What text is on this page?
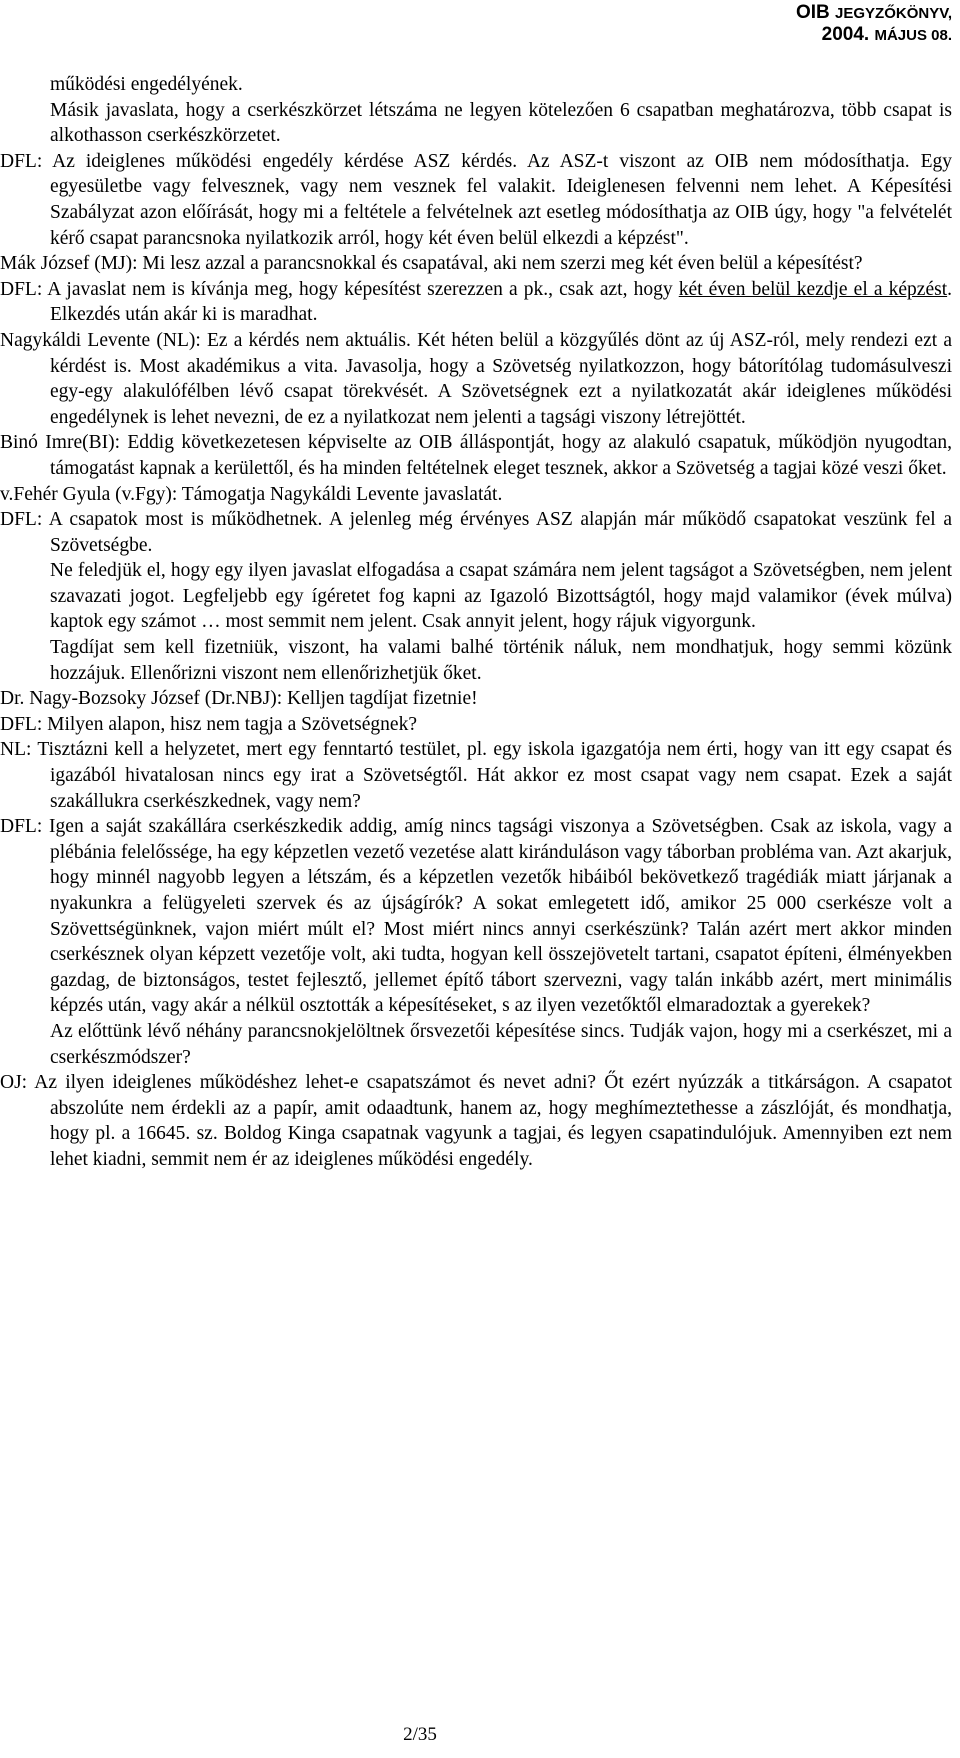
OIB JEGYZŐKÖNYV,
2004. MÁJUS 08.

működési engedélyének.

Másik javaslata, hogy a cserkészkörzet létszáma ne legyen kötelezően 6 csapatban meghatározva, több csapat is alkothasson cserkészkörzetet.

DFL: Az ideiglenes működési engedély kérdése ASZ kérdés. Az ASZ-t viszont az OIB nem módosíthatja. Egy egyesületbe vagy felvesznek, vagy nem vesznek fel valakit. Ideiglenesen felvenni nem lehet. A Képesítési Szabályzat azon előírását, hogy mi a feltétele a felvételnek azt esetleg módosíthatja az OIB úgy, hogy "a felvételét kérő csapat parancsnoka nyilatkozik arról, hogy két éven belül elkezdi a képzést".

Mák József (MJ): Mi lesz azzal a parancsnokkal és csapatával, aki nem szerzi meg két éven belül a képesítést?

DFL: A javaslat nem is kívánja meg, hogy képesítést szerezzen a pk., csak azt, hogy két éven belül kezdje el a képzést. Elkezdés után akár ki is maradhat.

Nagykáldi Levente (NL): Ez a kérdés nem aktuális. Két héten belül a közgyűlés dönt az új ASZ-ról, mely rendezi ezt a kérdést is. Most akadémikus a vita. Javasolja, hogy a Szövetség nyilatkozzon, hogy bátorítólag tudomásulveszi egy-egy alakulófélben lévő csapat törekvését. A Szövetségnek ezt a nyilatkozatát akár ideiglenes működési engedélynek is lehet nevezni, de ez a nyilatkozat nem jelenti a tagsági viszony létrejöttét.

Binó Imre(BI): Eddig következetesen képviselte az OIB álláspontját, hogy az alakuló csapatuk, működjön nyugodtan, támogatást kapnak a kerülettől, és ha minden feltételnek eleget tesznek, akkor a Szövetség a tagjai közé veszi őket.

v.Fehér Gyula (v.Fgy): Támogatja Nagykáldi Levente javaslatát.

DFL: A csapatok most is működhetnek. A jelenleg még érvényes ASZ alapján már működő csapatokat veszünk fel a Szövetségbe.

Ne feledjük el, hogy egy ilyen javaslat elfogadása a csapat számára nem jelent tagságot a Szövetségben, nem jelent szavazati jogot. Legfeljebb egy ígéretet fog kapni az Igazoló Bizottságtól, hogy majd valamikor (évek múlva) kaptok egy számot … most semmit nem jelent. Csak annyit jelent, hogy rájuk vigyorgunk.

Tagdíjat sem kell fizetniük, viszont, ha valami balhé történik náluk, nem mondhatjuk, hogy semmi közünk hozzájuk. Ellenőrizni viszont nem ellenőrizhetjük őket.

Dr. Nagy-Bozsoky József (Dr.NBJ): Kelljen tagdíjat fizetnie!

DFL: Milyen alapon, hisz nem tagja a Szövetségnek?

NL: Tisztázni kell a helyzetet, mert egy fenntartó testület, pl. egy iskola igazgatója nem érti, hogy van itt egy csapat és igazából hivatalosan nincs egy irat a Szövetségtől. Hát akkor ez most csapat vagy nem csapat. Ezek a saját szakállukra cserkészkednek, vagy nem?

DFL: Igen a saját szakállára cserkészkedik addig, amíg nincs tagsági viszonya a Szövetségben. Csak az iskola, vagy a plébánia felelőssége, ha egy képzetlen vezető vezetése alatt kiránduláson vagy táborban probléma van. Azt akarjuk, hogy minnél nagyobb legyen a létszám, és a képzetlen vezetők hibáiból bekövetkező tragédiák miatt járjanak a nyakunkra a felügyeleti szervek és az újságírók? A sokat emlegetett idő, amikor 25 000 cserkésze volt a Szövettségünknek, vajon miért múlt el? Most miért nincs annyi cserkészünk? Talán azért mert akkor minden cserkésznek olyan képzett vezetője volt, aki tudta, hogyan kell összejövetelt tartani, csapatot építeni, élményekben gazdag, de biztonságos, testet fejlesztő, jellemet építő tábort szervezni, vagy talán inkább azért, mert minimális képzés után, vagy akár a nélkül osztották a képesítéseket, s az ilyen vezetőktől elmaradoztak a gyerekek?

Az előttünk lévő néhány parancsnokjelöltnek őrsvezetői képesítése sincs. Tudják vajon, hogy mi a cserkészet, mi a cserkészmódszer?

OJ: Az ilyen ideiglenes működéshez lehet-e csapatszámot és nevet adni? Őt ezért nyúzzák a titkárságon. A csapatot abszolúte nem érdekli az a papír, amit odaadtunk, hanem az, hogy meghímeztethesse a zászlóját, és mondhatja, hogy pl. a 16645. sz. Boldog Kinga csapatnak vagyunk a tagjai, és legyen csapatindulójuk. Amennyiben ezt nem lehet kiadni, semmit nem ér az ideiglenes működési engedély.

2/35
